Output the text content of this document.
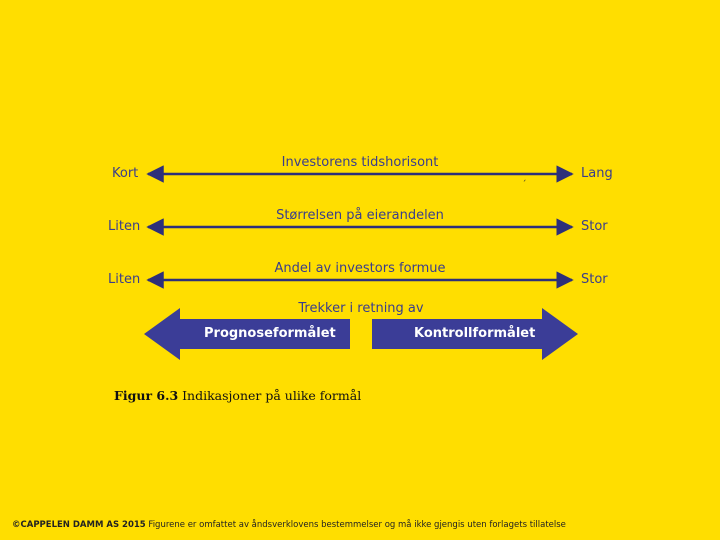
Kort
Investorens tidshorisont
Lang
´
Liten
Størrelsen på eierandelen
Stor
Liten
Andel av investors formue
Stor
Trekker i retning av
Prognoseformålet	Kontrollformålet
Figur 6.3 Indikasjoner på ulike formål
©CAPPELEN DAMM AS 2015 Figurene er omfattet av åndsverklovens bestemmelser og må ikke gjengis uten forlagets tillatelse
